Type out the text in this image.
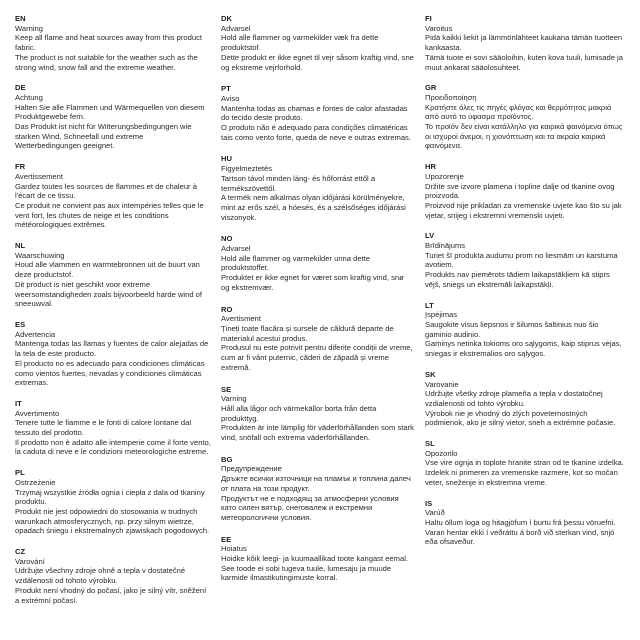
EN
Warning
Keep all flame and heat sources away from this product fabric.
The product is not suitable for the weather such as the strong wind, snow fall and the extreme weather.
DE
Achtung
Halten Sie alle Flammen und Wärmequellen von diesem Produktgewebe fern.
Das Produkt ist nicht für Witterungsbedingungen wie starken Wind, Schneefall und extreme Wetterbedingungen geeignet.
FR
Avertissement
Gardez toutes les sources de flammes et de chaleur à l'écart de ce tissu.
Ce produit ne convient pas aux intempéries telles que le vent fort, les chutes de neige et les conditions météorologiques extrêmes.
NL
Waarschuwing
Houd alle vlammen en warmtebronnen uit de buurt van deze productstof.
Dit product is niet geschikt voor extreme weersomstandigheden zoals bijvoorbeeld harde wind of sneeuwval.
ES
Advertencia
Mantenga todas las llamas y fuentes de calor alejadas de la tela de este producto.
El producto no es adecuado para condiciones climáticas como vientos fuertes, nevadas y condiciones climáticas extremas.
IT
Avvertimento
Tenere tutte le fiamme e le fonti di calore lontane dal tessuto del prodotto.
Il prodotto non è adatto alle intemperie come il forte vento, la caduta di neve e le condizioni meteorologiche estreme.
PL
Ostrzeżenie
Trzymaj wszystkie źródła ognia i ciepła z dala od tkaniny produktu.
Produkt nie jest odpowiedni do stosowania w trudnych warunkach atmosferycznych, np. przy silnym wietrze, opadach śniegu i ekstremalnych zjawiskach pogodowych.
CZ
Varování
Udržujte všechny zdroje ohně a tepla v dostatečné vzdálenosti od tohoto výrobku.
Produkt není vhodný do počasí, jako je silný vítr, sněžení a extrémní počasí.
DK
Advarsel
Hold alle flammer og varmekilder væk fra dette produktstof.
Dette produkt er ikke egnet til vejr såsom kraftig vind, sne og ekstreme vejrforhold.
PT
Aviso
Mantenha todas as chamas e fontes de calor afastadas do tecido deste produto.
O produto não é adequado para condições climatéricas tais como vento forte, queda de neve e outras extremas.
HU
Figyelmeztetés
Tartson távol minden láng- és hőforrást ettől a termékszövettől.
A termék nem alkalmas olyan időjárási körülményekre, mint az erős szél, a hóesés, és a szélsőséges időjárási viszonyok.
NO
Advarsel
Hold alle flammer og varmekilder unna dette produktstoffet.
Produktet er ikke egnet for været som kraftig vind, snø og ekstremvær.
RO
Avertisment
Țineți toate flacăra și sursele de căldură departe de materialul acestui produs.
Produsul nu este potrivit pentru diferite condiții de vreme, cum ar fi vânt puternic, căderi de zăpadă și vreme extremă.
SE
Varning
Håll alla lågor och värmekällor borta från detta produkttyg.
Produkten är inte lämplig för väderförhållanden som stark vind, snöfall och extrema väderförhållanden.
BG
Предупреждение
Дръжте всички източници на пламък и топлина далеч от плата на този продукт.
Продуктът не е подходящ за атмосферни условия като силен вятър, снеговалеж и екстремни метеорологични условия.
EE
Hoiatus
Hoidke kõik leegi- ja kuumaallikad toote kangast eemal.
See toode ei sobi tugeva tuule, lumesaju ja muude karmide ilmastikutingimuste korral.
FI
Varoitus
Pidä kaikki liekit ja lämmönlähteet kaukana tämän tuotteen kankaasta.
Tämä tuote ei sovi sääoloihin, kuten kova tuuli, lumisade ja muut ankarat sääolosuhteet.
GR
Προειδοποίηση
Κρατήστε όλες τις πηγές φλόγας και θερμότητας μακριά από αυτό το ύφασμα προϊόντος.
Το προϊόν δεν είναι κατάλληλο για καιρικά φαινόμενα όπως οι ισχυροί άνεμοι, η χιονόπτωση και τα ακραία καιρικά φαινόμενα.
HR
Upozorenje
Držite sve izvore plamena i topline dalje od tkanine ovog proizvoda.
Proizvod nije prikladan za vremenske uvjete kao što su jak vjetar, snijeg i ekstremni vremenski uvjeti.
LV
Brīdinājums
Turiet šī produkta audumu prom no liesmām un karstuma avotiem.
Produkts nav piemērots tādiem laikapstākļiem kā stiprs vējš, sniegs un ekstremāli laikapstākļi.
LT
Įspėjimas
Saugokite visus liepsnos ir šilumos šaltinius nuo šio gaminio audinio.
Gaminys netinka tokioms oro sąlygoms, kaip stiprus vėjas, sniegas ir ekstremalios oro sąlygos.
SK
Varovanie
Udržujte všetky zdroje plameňa a tepla v dostatočnej vzdialenosti od tohto výrobku.
Výrobok nie je vhodný do zlých poveternostných podmienok, ako je silný vietor, sneh a extrémne počasie.
SL
Opozorilo
Vse vire ognja in toplote hranite stran od te tkanine izdelka.
Izdelek ni primeren za vremenske razmere, kot so močan veter, sneženje in ekstremna vreme.
IS
Varúð
Haltu öllum loga og hitagjöfum í burtu frá þessu vöruefni.
Varan hentar ekki í veðráttu á borð við sterkan vind, snjó eða ofsaveður.
